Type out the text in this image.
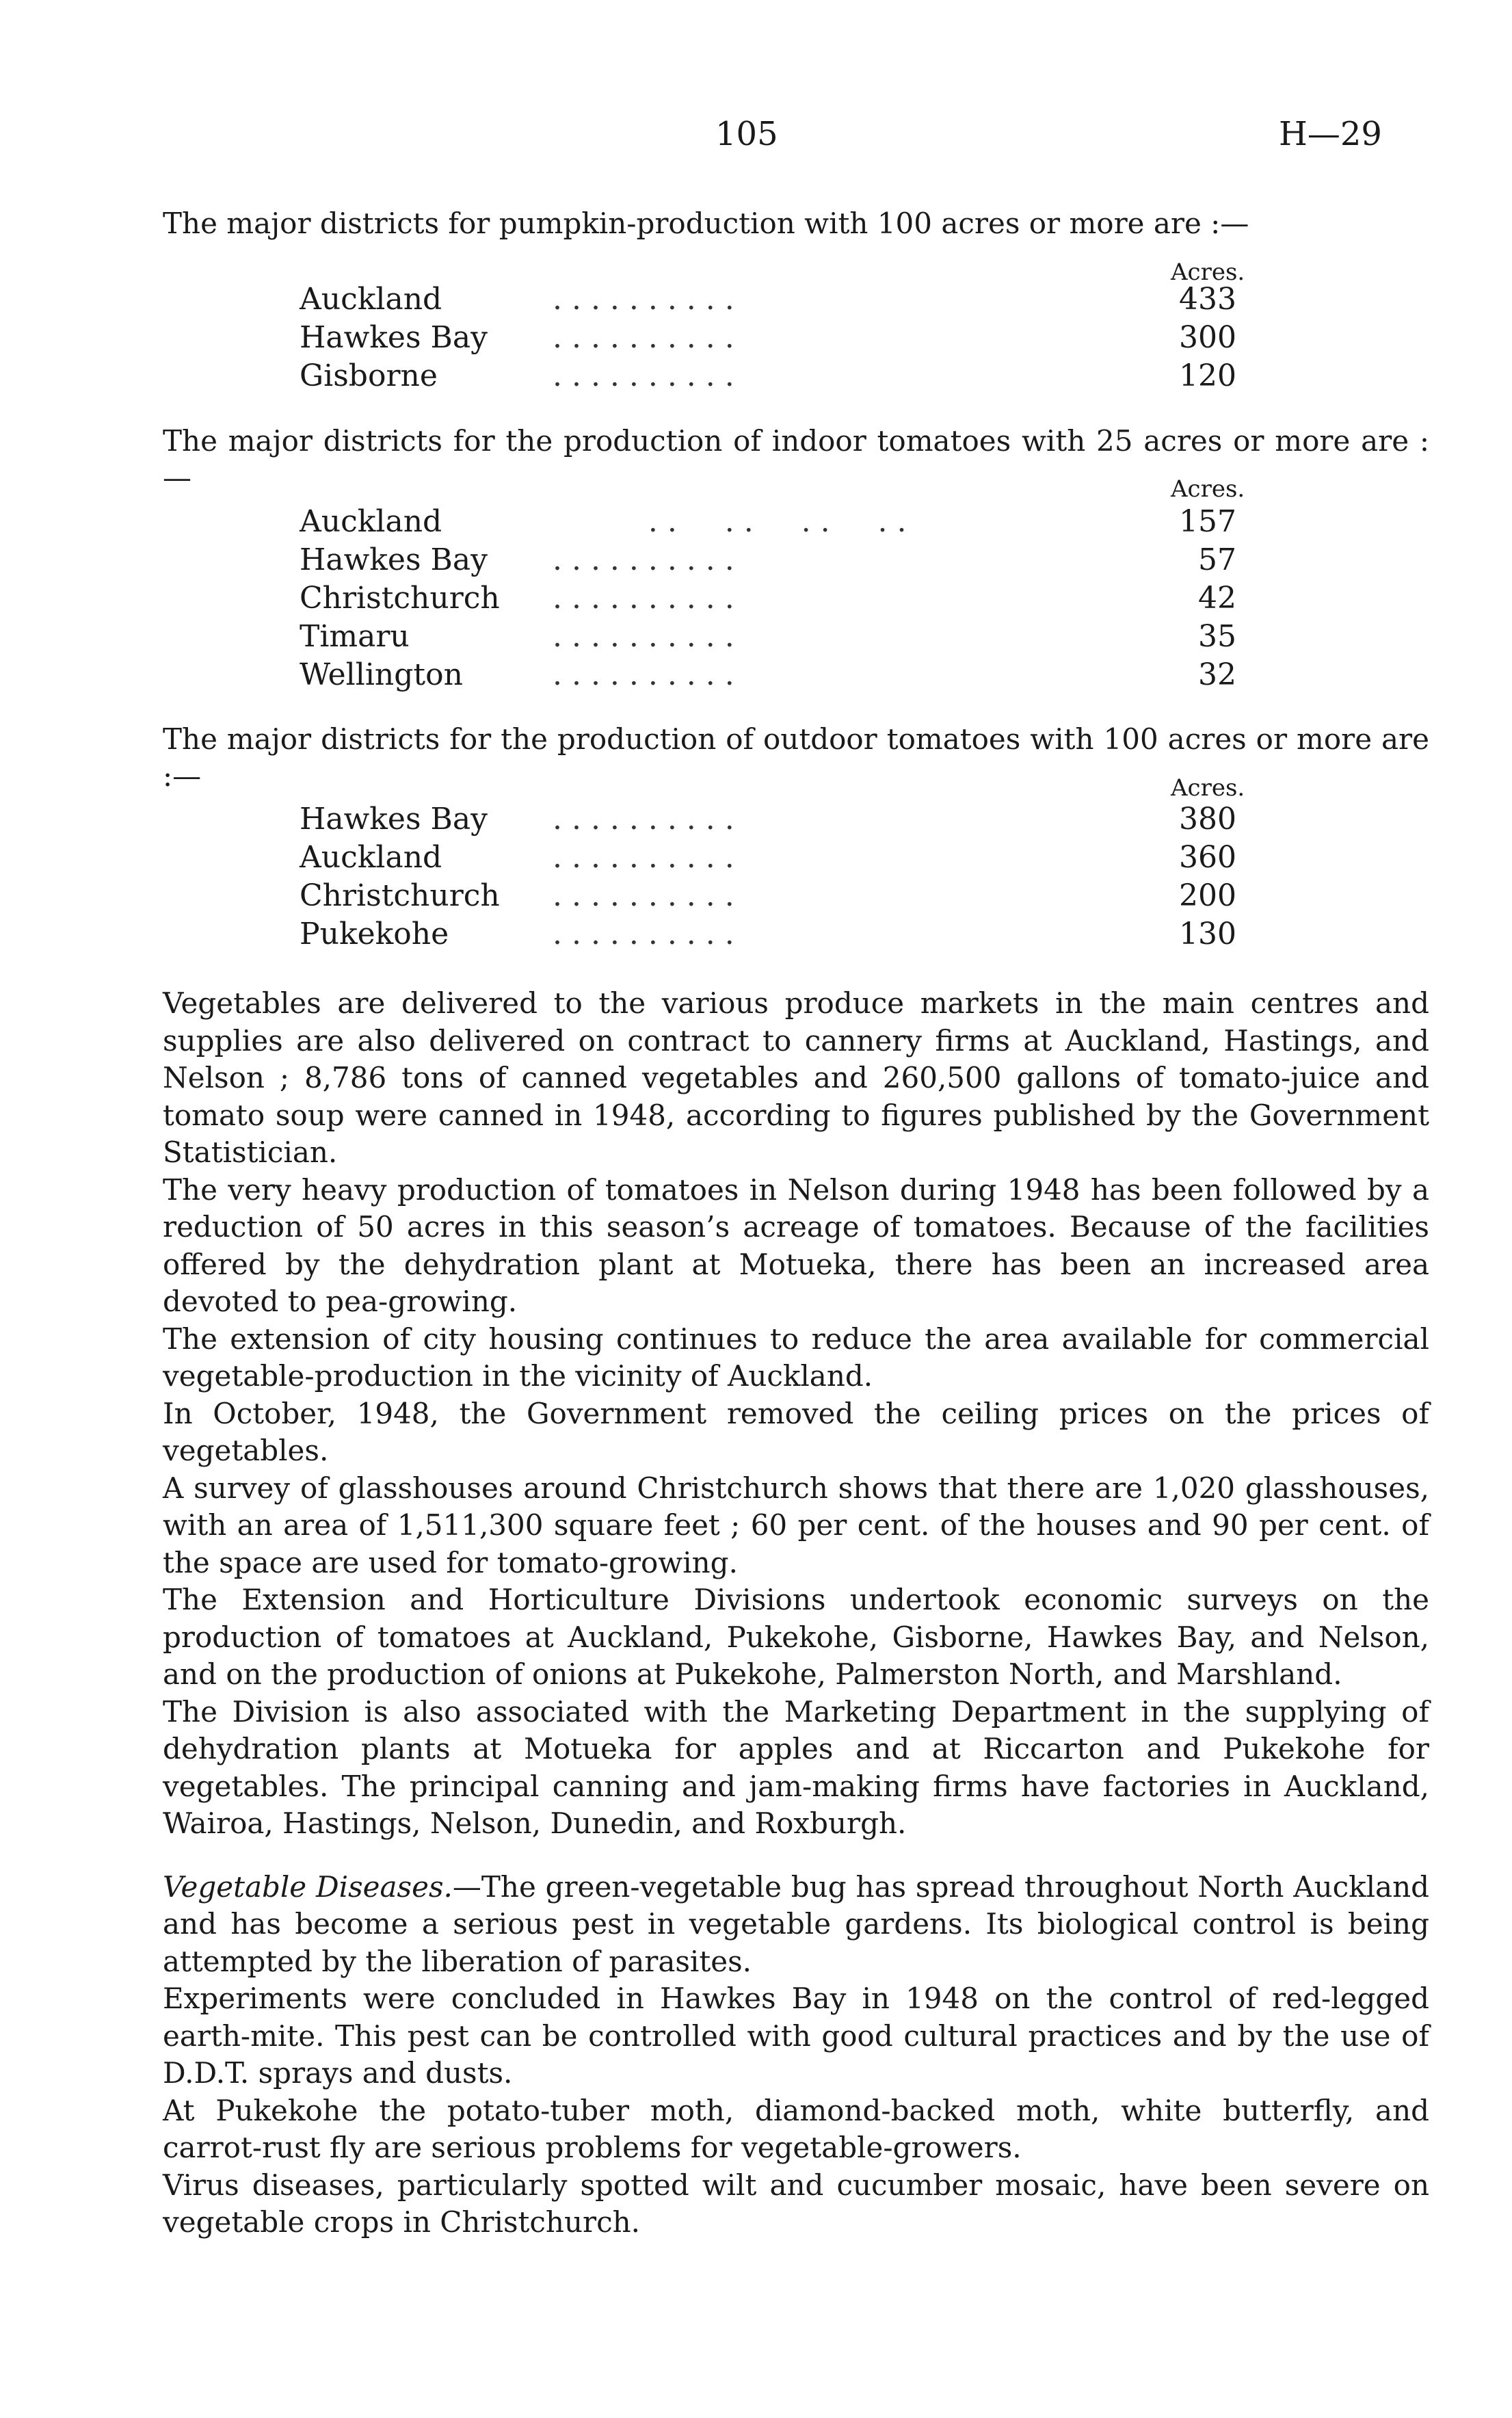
105	H—29
The major districts for pumpkin-production with 100 acres or more are :—
Acres.
Auckland	. . . . . . . . . .	433
Hawkes Bay	. . . . . . . . . .	300
Gisborne	. . . . . . . . . .	120
The major districts for the production of indoor tomatoes with 25 acres or more are :—	Acres.
Auckland	. .     . .     . .     . .	157
Hawkes Bay	. . . . . . . . . .	57
Christchurch	. . . . . . . . . .	42
Timaru	. . . . . . . . . .	35
Wellington	. . . . . . . . . .	32
The major districts for the production of outdoor tomatoes with 100 acres or more are :—	Acres.
Hawkes Bay	. . . . . . . . . .	380
Auckland	. . . . . . . . . .	360
Christchurch	. . . . . . . . . .	200
Pukekohe	. . . . . . . . . .	130

Vegetables are delivered to the various produce markets in the main centres and supplies are also delivered on contract to cannery firms at Auckland, Hastings, and Nelson ; 8,786 tons of canned vegetables and 260,500 gallons of tomato-juice and tomato soup were canned in 1948, according to figures published by the Government Statistician.

The very heavy production of tomatoes in Nelson during 1948 has been followed by a reduction of 50 acres in this season’s acreage of tomatoes. Because of the facilities offered by the dehydration plant at Motueka, there has been an increased area devoted to pea-growing.

The extension of city housing continues to reduce the area available for commercial vegetable-production in the vicinity of Auckland.

In October, 1948, the Government removed the ceiling prices on the prices of vegetables.

A survey of glasshouses around Christchurch shows that there are 1,020 glasshouses, with an area of 1,511,300 square feet ; 60 per cent. of the houses and 90 per cent. of the space are used for tomato-growing.

The Extension and Horticulture Divisions undertook economic surveys on the production of tomatoes at Auckland, Pukekohe, Gisborne, Hawkes Bay, and Nelson, and on the production of onions at Pukekohe, Palmerston North, and Marshland.

The Division is also associated with the Marketing Department in the supplying of dehydration plants at Motueka for apples and at Riccarton and Pukekohe for vegetables. The principal canning and jam-making firms have factories in Auckland, Wairoa, Hastings, Nelson, Dunedin, and Roxburgh.

Vegetable Diseases.—The green-vegetable bug has spread throughout North Auckland and has become a serious pest in vegetable gardens. Its biological control is being attempted by the liberation of parasites.

Experiments were concluded in Hawkes Bay in 1948 on the control of red-legged earth-mite. This pest can be controlled with good cultural practices and by the use of D.D.T. sprays and dusts.

At Pukekohe the potato-tuber moth, diamond-backed moth, white butterfly, and carrot-rust fly are serious problems for vegetable-growers.

Virus diseases, particularly spotted wilt and cucumber mosaic, have been severe on vegetable crops in Christchurch.
